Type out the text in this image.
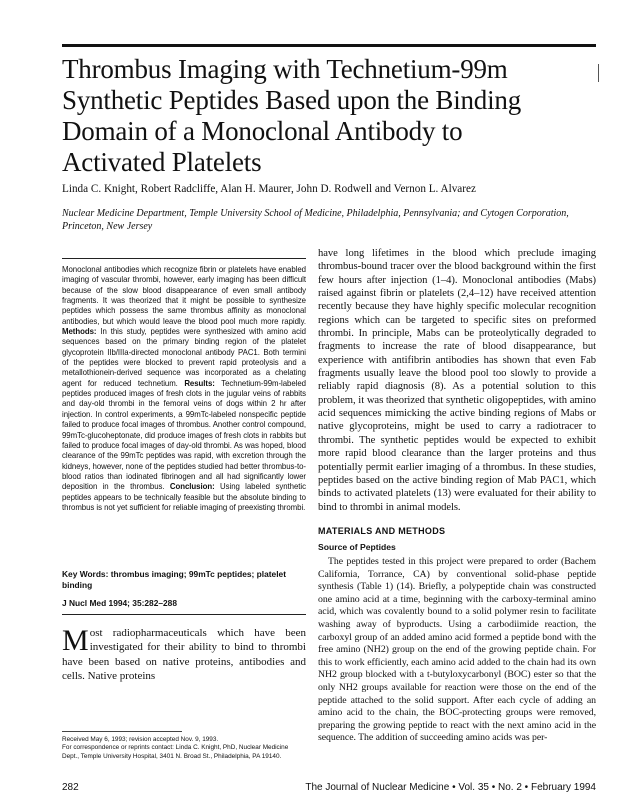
Thrombus Imaging with Technetium-99m
Synthetic Peptides Based upon the Binding
Domain of a Monoclonal Antibody to
Activated Platelets

Linda C. Knight, Robert Radcliffe, Alan H. Maurer, John D. Rodwell and Vernon L. Alvarez

Nuclear Medicine Department, Temple University School of Medicine, Philadelphia, Pennsylvania; and Cytogen Corporation, Princeton, New Jersey

Monoclonal antibodies which recognize fibrin or platelets have enabled imaging of vascular thrombi, however, early imaging has been difficult because of the slow blood disappearance of even small antibody fragments. It was theorized that it might be possible to synthesize peptides which possess the same thrombus affinity as monoclonal antibodies, but which would leave the blood pool much more rapidly. Methods: In this study, peptides were synthesized with amino acid sequences based on the primary binding region of the platelet glycoprotein IIb/IIIa-directed monoclonal antibody PAC1. Both termini of the peptides were blocked to prevent rapid proteolysis and a metallothionein-derived sequence was incorporated as a chelating agent for reduced technetium. Results: Technetium-99m-labeled peptides produced images of fresh clots in the jugular veins of rabbits and day-old thrombi in the femoral veins of dogs within 2 hr after injection. In control experiments, a 99mTc-labeled nonspecific peptide failed to produce focal images of thrombus. Another control compound, 99mTc-glucoheptonate, did produce images of fresh clots in rabbits but failed to produce focal images of day-old thrombi. As was hoped, blood clearance of the 99mTc peptides was rapid, with excretion through the kidneys, however, none of the peptides studied had better thrombus-to-blood ratios than iodinated fibrinogen and all had significantly lower deposition in the thrombus. Conclusion: Using labeled synthetic peptides appears to be technically feasible but the absolute binding to thrombus is not yet sufficient for reliable imaging of preexisting thrombi.

Key Words: thrombus imaging; 99mTc peptides; platelet binding

J Nucl Med 1994; 35:282–288

Most radiopharmaceuticals which have been investigated for their ability to bind to thrombi have been based on native proteins, antibodies and cells. Native proteins

Received May 6, 1993; revision accepted Nov. 9, 1993.
For correspondence or reprints contact: Linda C. Knight, PhD, Nuclear Medicine Dept., Temple University Hospital, 3401 N. Broad St., Philadelphia, PA 19140.

have long lifetimes in the blood which preclude imaging thrombus-bound tracer over the blood background within the first few hours after injection (1–4). Monoclonal antibodies (Mabs) raised against fibrin or platelets (2,4–12) have received attention recently because they have highly specific molecular recognition regions which can be targeted to specific sites on preformed thrombi. In principle, Mabs can be proteolytically degraded to fragments to increase the rate of blood disappearance, but experience with antifibrin antibodies has shown that even Fab fragments usually leave the blood pool too slowly to provide a reliably rapid diagnosis (8). As a potential solution to this problem, it was theorized that synthetic oligopeptides, with amino acid sequences mimicking the active binding regions of Mabs or native glycoproteins, might be used to carry a radiotracer to thrombi. The synthetic peptides would be expected to exhibit more rapid blood clearance than the larger proteins and thus potentially permit earlier imaging of a thrombus. In these studies, peptides based on the active binding region of Mab PAC1, which binds to activated platelets (13) were evaluated for their ability to bind to thrombi in animal models.

MATERIALS AND METHODS

Source of Peptides

The peptides tested in this project were prepared to order (Bachem California, Torrance, CA) by conventional solid-phase peptide synthesis (Table 1) (14). Briefly, a polypeptide chain was constructed one amino acid at a time, beginning with the carboxy-terminal amino acid, which was covalently bound to a solid polymer resin to facilitate washing away of byproducts. Using a carbodiimide reaction, the carboxyl group of an added amino acid formed a peptide bond with the free amino (NH2) group on the end of the growing peptide chain. For this to work efficiently, each amino acid added to the chain had its own NH2 group blocked with a t-butyloxycarbonyl (BOC) ester so that the only NH2 groups available for reaction were those on the end of the peptide attached to the solid support. After each cycle of adding an amino acid to the chain, the BOC-protecting groups were removed, preparing the growing peptide to react with the next amino acid in the sequence. The addition of succeeding amino acids was per-

282	The Journal of Nuclear Medicine • Vol. 35 • No. 2 • February 1994
